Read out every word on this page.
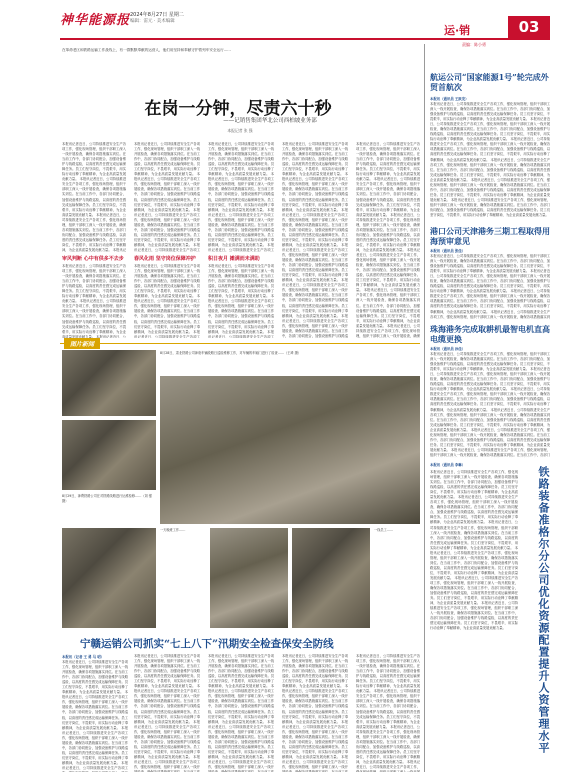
神华能源报 2024年8月27日 星期二
编辑：雷元 · 美术编辑
运·销	03
责编：陈小勇
在革命老区和铁路运输工作战线上，有一群默默奉献的运营人，他们用坚持和奉献守护着列车安全运行……
在岗一分钟，尽责六十秒
——记销售集团华北公司西柏坡业务部
本报记者 张 强
本报讯记者近日，公司持续推进安全生产各项工作，强化现场管理，组织干部职工深入一线开展检查，确保各项措施落实到位。在当前工作中，各部门协同配合，加强设备维护与线路巡检，以高度的责任感完成运输保障任务。员工们坚守岗位，不畏艰辛，用实际行动诠释了奉献精神，为企业高质量发展贡献力量。 本报讯记者近日，公司持续推进安全生产各项工作，强化现场管理，组织干部职工深入一线开展检查，确保各项措施落实到位。在当前工作中，各部门协同配合，加强设备维护与线路巡检，以高度的责任感完成运输保障任务。员工们坚守岗位，不畏艰辛，用实际行动诠释了奉献精神，为企业高质量发展贡献力量。 本报讯记者近日，公司持续推进安全生产各项工作，强化现场管理，组织干部职工深入一线开展检查，确保各项措施落实到位。在当前工作中，各部门协同配合，加强设备维护与线路巡检，以高度的责任感完成运输保障任务。员工们坚守岗位，不畏艰辛，用实际行动诠释了奉献精神，为企业高质量发展贡献力量。 本报讯记
审风判断 心中有供多不去步
本报讯记者近日，公司持续推进安全生产各项工作，强化现场管理，组织干部职工深入一线开展检查，确保各项措施落实到位。在当前工作中，各部门协同配合，加强设备维护与线路巡检，以高度的责任感完成运输保障任务。员工们坚守岗位，不畏艰辛，用实际行动诠释了奉献精神，为企业高质量发展贡献力量。 本报讯记者近日，公司持续推进安全生产各项工作，强化现场管理，组织干部职工深入一线开展检查，确保各项措施落实到位。在当前工作中，各部门协同配合，加强设备维护与线路巡检，以高度的责任感完成运输保障任务。员工们坚守岗位，不畏艰辛，用实际行动诠释了奉献精神，为企业高质量发展贡献力量。 本报讯记者近日，公
本报讯记者近日，公司持续推进安全生产各项工作，强化现场管理，组织干部职工深入一线开展检查，确保各项措施落实到位。在当前工作中，各部门协同配合，加强设备维护与线路巡检，以高度的责任感完成运输保障任务。员工们坚守岗位，不畏艰辛，用实际行动诠释了奉献精神，为企业高质量发展贡献力量。 本报讯记者近日，公司持续推进安全生产各项工作，强化现场管理，组织干部职工深入一线开展检查，确保各项措施落实到位。在当前工作中，各部门协同配合，加强设备维护与线路巡检，以高度的责任感完成运输保障任务。员工们坚守岗位，不畏艰辛，用实际行动诠释了奉献精神，为企业高质量发展贡献力量。 本报讯记者近日，公司持续推进安全生产各项工作，强化现场管理，组织干部职工深入一线开展检查，确保各项措施落实到位。在当前工作中，各部门协同配合，加强设备维护与线路巡检，以高度的责任感完成运输保障任务。员工们坚守岗位，不畏艰辛，用实际行动诠释了奉献精神，为企业高质量发展贡献力量。 本报讯记者近日，公司持续推进安全生产各项工
春风化雨 坚守岗位保障冲护
本报讯记者近日，公司持续推进安全生产各项工作，强化现场管理，组织干部职工深入一线开展检查，确保各项措施落实到位。在当前工作中，各部门协同配合，加强设备维护与线路巡检，以高度的责任感完成运输保障任务。员工们坚守岗位，不畏艰辛，用实际行动诠释了奉献精神，为企业高质量发展贡献力量。 本报讯记者近日，公司持续推进安全生产各项工作，强化现场管理，组织干部职工深入一线开展检查，确保各项措施落实到位。在当前工作中，各部门协同配合，加强设备维护与线路巡检，以高度的责任感完成运输保障任务。员工们坚守岗位，不畏艰辛，用实际行动诠释了奉献精神，为企业高质量发展贡献力量。 本报讯记者近日，公司持续推进安全生产各项工
本报讯记者近日，公司持续推进安全生产各项工作，强化现场管理，组织干部职工深入一线开展检查，确保各项措施落实到位。在当前工作中，各部门协同配合，加强设备维护与线路巡检，以高度的责任感完成运输保障任务。员工们坚守岗位，不畏艰辛，用实际行动诠释了奉献精神，为企业高质量发展贡献力量。 本报讯记者近日，公司持续推进安全生产各项工作，强化现场管理，组织干部职工深入一线开展检查，确保各项措施落实到位。在当前工作中，各部门协同配合，加强设备维护与线路巡检，以高度的责任感完成运输保障任务。员工们坚守岗位，不畏艰辛，用实际行动诠释了奉献精神，为企业高质量发展贡献力量。 本报讯记者近日，公司持续推进安全生产各项工作，强化现场管理，组织干部职工深入一线开展检查，确保各项措施落实到位。在当前工作中，各部门协同配合，加强设备维护与线路巡检，以高度的责任感完成运输保障任务。员工们坚守岗位，不畏艰辛，用实际行动诠释了奉献精神，为企业高质量发展贡献力量。 本报讯记者近日，公司持续推进安全生产各项工
积日夜月 摊满而未满助
本报讯记者近日，公司持续推进安全生产各项工作，强化现场管理，组织干部职工深入一线开展检查，确保各项措施落实到位。在当前工作中，各部门协同配合，加强设备维护与线路巡检，以高度的责任感完成运输保障任务。员工们坚守岗位，不畏艰辛，用实际行动诠释了奉献精神，为企业高质量发展贡献力量。 本报讯记者近日，公司持续推进安全生产各项工作，强化现场管理，组织干部职工深入一线开展检查，确保各项措施落实到位。在当前工作中，各部门协同配合，加强设备维护与线路巡检，以高度的责任感完成运输保障任务。员工们坚守岗位，不畏艰辛，用实际行动诠释了奉献精神，为企业高质量发展贡献力量。 本报讯记者近日，公司持续推进安全生产各项工
本报讯记者近日，公司持续推进安全生产各项工作，强化现场管理，组织干部职工深入一线开展检查，确保各项措施落实到位。在当前工作中，各部门协同配合，加强设备维护与线路巡检，以高度的责任感完成运输保障任务。员工们坚守岗位，不畏艰辛，用实际行动诠释了奉献精神，为企业高质量发展贡献力量。 本报讯记者近日，公司持续推进安全生产各项工作，强化现场管理，组织干部职工深入一线开展检查，确保各项措施落实到位。在当前工作中，各部门协同配合，加强设备维护与线路巡检，以高度的责任感完成运输保障任务。员工们坚守岗位，不畏艰辛，用实际行动诠释了奉献精神，为企业高质量发展贡献力量。 本报讯记者近日，公司持续推进安全生产各项工作，强化现场管理，组织干部职工深入一线开展检查，确保各项措施落实到位。在当前工作中，各部门协同配合，加强设备维护与线路巡检，以高度的责任感完成运输保障任务。员工们坚守岗位，不畏艰辛，用实际行动诠释了奉献精神，为企业高质量发展贡献力量。 本报讯记者近日，公司持续推进安全生产各项工作，强化现场管理，组织干部职工深入一线开展检查，确保各项措施落实到位。在当前工作中，各部门协同配合，加强设备维护与线路巡检，以高度的责任感完成运输保障任务。员工们坚守岗位，不畏艰辛，用实际行动诠释了奉献精神，为企业高质量发展贡献力量。 本报讯记者近日，公司持续推进安全生产各项工作，强化现场管理，组织干部职工深入一线开展检查，确保各项措施落实到位。在当前工作中，各部门协同配合，加强设备维护与线路巡检，以高度的责任感完成运输保障任务。员工们坚守岗位，不畏艰辛，用实际行动诠释了奉献精神，为企业高质量发展贡献力量。 本报讯记者近日，公司持续推进安全生产各项工作，强化现场管理，组织干部职工深入一线开展检查，确保各项措施落实到位。在当前工作中，各部门协同配合，加强设备维护与线路巡
本报讯记者近日，公司持续推进安全生产各项工作，强化现场管理，组织干部职工深入一线开展检查，确保各项措施落实到位。在当前工作中，各部门协同配合，加强设备维护与线路巡检，以高度的责任感完成运输保障任务。员工们坚守岗位，不畏艰辛，用实际行动诠释了奉献精神，为企业高质量发展贡献力量。 本报讯记者近日，公司持续推进安全生产各项工作，强化现场管理，组织干部职工深入一线开展检查，确保各项措施落实到位。在当前工作中，各部门协同配合，加强设备维护与线路巡检，以高度的责任感完成运输保障任务。员工们坚守岗位，不畏艰辛，用实际行动诠释了奉献精神，为企业高质量发展贡献力量。 本报讯记者近日，公司持续推进安全生产各项工作，强化现场管理，组织干部职工深入一线开展检查，确保各项措施落实到位。在当前工作中，各部门协同配合，加强设备维护与线路巡检，以高度的责任感完成运输保障任务。员工们坚守岗位，不畏艰辛，用实际行动诠释了奉献精神，为企业高质量发展贡献力量。 本报讯记者近日，公司持续推进安全生产各项工作，强化现场管理，组织干部职工深入一线开展检查，确保各项措施落实到位。在当前工作中，各部门协同配合，加强设备维护与线路巡检，以高度的责任感完成运输保障任务。员工们坚守岗位，不畏艰辛，用实际行动诠释了奉献精神，为企业高质量发展贡献力量。 本报讯记者近日，公司持续推进安全生产各项工作，强化现场管理，组织干部职工深入一线开展检查，确保各项措施落实到位。在当前工作中，各部门协同配合，加强设备维护与线路巡检，以高度的责任感完成运输保障任务。员工们坚守岗位，不畏艰辛，用实际行动诠释了奉献精神，为企业高质量发展贡献力量。 本报讯记者近日，公司持续推进安全生产各项工作，强化现场管理，组织干部职工深入一线开展检查，确保
图片新闻
8月28日，肃北铁路公司神府车辆段路日巡检维修工作，对车辆的车厢门进行了检查……（王琦 摄）
8月29日，神朔铁路公司在对铁路线路进行运维检修……（刘 强 摄）
一天晚班工作……	一线员工……
宁赣运销公司抓实“七上八下”汛期安全检查保安全防线
本报讯（记者 王 勇 马 明）
本报讯记者近日，公司持续推进安全生产各项工作，强化现场管理，组织干部职工深入一线开展检查，确保各项措施落实到位。在当前工作中，各部门协同配合，加强设备维护与线路巡检，以高度的责任感完成运输保障任务。员工们坚守岗位，不畏艰辛，用实际行动诠释了奉献精神，为企业高质量发展贡献力量。 本报讯记者近日，公司持续推进安全生产各项工作，强化现场管理，组织干部职工深入一线开展检查，确保各项措施落实到位。在当前工作中，各部门协同配合，加强设备维护与线路巡检，以高度的责任感完成运输保障任务。员工们坚守岗位，不畏艰辛，用实际行动诠释了奉献精神，为企业高质量发展贡献力量。 本报讯记者近日，公司持续推进安全生产各项工作，强化现场管理，组织干部职工深入一线开展检查，确保各项措施落实到位。在当前工作中，各部门协同配合，加强设备维护与线路巡检，以高度的责任感完成运输保障任务。员工们坚守岗位，不畏艰辛，用实际行动诠释了奉献精神，为企业高质量发展贡献力量。 本报讯记者近日，公司持续推进安全生产各项工
本报讯记者近日，公司持续推进安全生产各项工作，强化现场管理，组织干部职工深入一线开展检查，确保各项措施落实到位。在当前工作中，各部门协同配合，加强设备维护与线路巡检，以高度的责任感完成运输保障任务。员工们坚守岗位，不畏艰辛，用实际行动诠释了奉献精神，为企业高质量发展贡献力量。 本报讯记者近日，公司持续推进安全生产各项工作，强化现场管理，组织干部职工深入一线开展检查，确保各项措施落实到位。在当前工作中，各部门协同配合，加强设备维护与线路巡检，以高度的责任感完成运输保障任务。员工们坚守岗位，不畏艰辛，用实际行动诠释了奉献精神，为企业高质量发展贡献力量。 本报讯记者近日，公司持续推进安全生产各项工作，强化现场管理，组织干部职工深入一线开展检查，确保各项措施落实到位。在当前工作中，各部门协同配合，加强设备维护与线路巡检，以高度的责任感完成运输保障任务。员工们坚守岗位，不畏艰辛，用实际行动诠释了奉献精神，为企业高质量发展贡献力量。 本报讯记者近日，公司持续推进安全生产各项工作，强化现场管理，组织干部职工深入一线开
本报讯记者近日，公司持续推进安全生产各项工作，强化现场管理，组织干部职工深入一线开展检查，确保各项措施落实到位。在当前工作中，各部门协同配合，加强设备维护与线路巡检，以高度的责任感完成运输保障任务。员工们坚守岗位，不畏艰辛，用实际行动诠释了奉献精神，为企业高质量发展贡献力量。 本报讯记者近日，公司持续推进安全生产各项工作，强化现场管理，组织干部职工深入一线开展检查，确保各项措施落实到位。在当前工作中，各部门协同配合，加强设备维护与线路巡检，以高度的责任感完成运输保障任务。员工们坚守岗位，不畏艰辛，用实际行动诠释了奉献精神，为企业高质量发展贡献力量。 本报讯记者近日，公司持续推进安全生产各项工作，强化现场管理，组织干部职工深入一线开展检查，确保各项措施落实到位。在当前工作中，各部门协同配合，加强设备维护与线路巡检，以高度的责任感完成运输保障任务。员工们坚守岗位，不畏艰辛，用实际行动诠释了奉献精神，为企业高质量发展贡献力量。 本报讯记者近日，公司持续推进安全生产各项工作，强化现场管理，组织干部职工深入一线开
本报讯记者近日，公司持续推进安全生产各项工作，强化现场管理，组织干部职工深入一线开展检查，确保各项措施落实到位。在当前工作中，各部门协同配合，加强设备维护与线路巡检，以高度的责任感完成运输保障任务。员工们坚守岗位，不畏艰辛，用实际行动诠释了奉献精神，为企业高质量发展贡献力量。 本报讯记者近日，公司持续推进安全生产各项工作，强化现场管理，组织干部职工深入一线开展检查，确保各项措施落实到位。在当前工作中，各部门协同配合，加强设备维护与线路巡检，以高度的责任感完成运输保障任务。员工们坚守岗位，不畏艰辛，用实际行动诠释了奉献精神，为企业高质量发展贡献力量。 本报讯记者近日，公司持续推进安全生产各项工作，强化现场管理，组织干部职工深入一线开展检查，确保各项措施落实到位。在当前工作中，各部门协同配合，加强设备维护与线路巡检，以高度的责任感完成运输保障任务。员工们坚守岗位，不畏艰辛，用实际行动诠释了奉献精神，为企业高质量发展贡献力量。 本报讯记者近日，公司持续推进安全生产各项工作，强化现场管理，组织干部职工深入一线开
本报讯记者近日，公司持续推进安全生产各项工作，强化现场管理，组织干部职工深入一线开展检查，确保各项措施落实到位。在当前工作中，各部门协同配合，加强设备维护与线路巡检，以高度的责任感完成运输保障任务。员工们坚守岗位，不畏艰辛，用实际行动诠释了奉献精神，为企业高质量发展贡献力量。 本报讯记者近日，公司持续推进安全生产各项工作，强化现场管理，组织干部职工深入一线开展检查，确保各项措施落实到位。在当前工作中，各部门协同配合，加强设备维护与线路巡检，以高度的责任感完成运输保障任务。员工们坚守岗位，不畏艰辛，用实际行动诠释了奉献精神，为企业高质量发展贡献力量。 本报讯记者近日，公司持续推进安全生产各项工作，强化现场管理，组织干部职工深入一线开展检查，确保各项措施落实到位。在当前工作中，各部门协同配合，加强设备维护与线路巡检，以高度的责任感完成运输保障任务。员工们坚守岗位，不畏艰辛，用实际行动诠释了奉献精神，为企业高质量发展贡献力量。 本报讯记者近日，公司持续推进安全生产各项工作，
航运公司“国家能源1号”轮完成外贸首航次
本报讯（通讯员 王跃发）
本报讯记者近日，公司持续推进安全生产各项工作，强化现场管理，组织干部职工深入一线开展检查，确保各项措施落实到位。在当前工作中，各部门协同配合，加强设备维护与线路巡检，以高度的责任感完成运输保障任务。员工们坚守岗位，不畏艰辛，用实际行动诠释了奉献精神，为企业高质量发展贡献力量。 本报讯记者近日，公司持续推进安全生产各项工作，强化现场管理，组织干部职工深入一线开展检查，确保各项措施落实到位。在当前工作中，各部门协同配合，加强设备维护与线路巡检，以高度的责任感完成运输保障任务。员工们坚守岗位，不畏艰辛，用实际行动诠释了奉献精神，为企业高质量发展贡献力量。 本报讯记者近日，公司持续推进安全生产各项工作，强化现场管理，组织干部职工深入一线开展检查，确保各项措施落实到位。在当前工作中，各部门协同配合，加强设备维护与线路巡检，以高度的责任感完成运输保障任务。员工们坚守岗位，不畏艰辛，用实际行动诠释了奉献精神，为企业高质量发展贡献力量。 本报讯记者近日，公司持续推进安全生产各项工作，强化现场管理，组织干部职工深入一线开展检查，确保各项措施落实到位。在当前工作中，各部门协同配合，加强设备维护与线路巡检，以高度的责任感完成运输保障任务。员工们坚守岗位，不畏艰辛，用实际行动诠释了奉献精神，为企业高质量发展贡献力量。 本报讯记者近日，公司持续推进安全生产各项工作，强化现场管理，组织干部职工深入一线开展检查，确保各项措施落实到位。在当前工作中，各部门协同配合，加强设备维护与线路巡检，以高度的责任感完成运输保障任务。员工们坚守岗位，不畏艰辛，用实际行动诠释了奉献精神，为企业高质量发展贡献力量。 本报讯记者近日，公司持续推进安全生产各项工作，强化现场管理，组织干部职工深入一线开展检查，确保各项措施落实到位。在当前工作中，各部门协同配合，加强设备维护与线路巡检，以高度的责任感完成运输保障任务。员工们坚守岗位，不畏艰辛，用实际行动诠释了奉献精神，为企业高质量发展贡献力量。
港口公司天津港务三期工程取得用海预审意见
本报讯（通讯员 张佳）
本报讯记者近日，公司持续推进安全生产各项工作，强化现场管理，组织干部职工深入一线开展检查，确保各项措施落实到位。在当前工作中，各部门协同配合，加强设备维护与线路巡检，以高度的责任感完成运输保障任务。员工们坚守岗位，不畏艰辛，用实际行动诠释了奉献精神，为企业高质量发展贡献力量。 本报讯记者近日，公司持续推进安全生产各项工作，强化现场管理，组织干部职工深入一线开展检查，确保各项措施落实到位。在当前工作中，各部门协同配合，加强设备维护与线路巡检，以高度的责任感完成运输保障任务。员工们坚守岗位，不畏艰辛，用实际行动诠释了奉献精神，为企业高质量发展贡献力量。 本报讯记者近日，公司持续推进安全生产各项工作，强化现场管理，组织干部职工深入一线开展检查，确保各项措施落实到位。在当前工作中，各部门协同配合，加强设备维护与线路巡检，以高度的责任感完成运输保障任务。员工们坚守岗位，不畏艰辛，用实际行动诠释了奉献精神，为企业高质量发展贡献力量。 本报讯记者近日，公司持续推进安全生产各项工作，强化现场管理，组织干部职工深入一线开展检查，确保各项措施落实到
珠海港务完成取耕机最智电机直高电缆更换
本报讯（通讯员 孙佳）
本报讯记者近日，公司持续推进安全生产各项工作，强化现场管理，组织干部职工深入一线开展检查，确保各项措施落实到位。在当前工作中，各部门协同配合，加强设备维护与线路巡检，以高度的责任感完成运输保障任务。员工们坚守岗位，不畏艰辛，用实际行动诠释了奉献精神，为企业高质量发展贡献力量。 本报讯记者近日，公司持续推进安全生产各项工作，强化现场管理，组织干部职工深入一线开展检查，确保各项措施落实到位。在当前工作中，各部门协同配合，加强设备维护与线路巡检，以高度的责任感完成运输保障任务。员工们坚守岗位，不畏艰辛，用实际行动诠释了奉献精神，为企业高质量发展贡献力量。 本报讯记者近日，公司持续推进安全生产各项工作，强化现场管理，组织干部职工深入一线开展检查，确保各项措施落实到位。在当前工作中，各部门协同配合，加强设备维护与线路巡检，以高度的责任感完成运输保障任务。员工们坚守岗位，不畏艰辛，用实际行动诠释了奉献精神，为企业高质量发展贡献力量。 本报讯记者近日，公司持续推进安全生产各项工作，强化现场管理，组织干部职工深入一线开展检查，确保各项措施落实到位。在当前工作中，各部门协同配合，加强设备维护与线路巡检，以高度的责任感完成运输保障任务。员工们坚守岗位，不畏艰辛，用实际行动诠释了奉献精神，为企业高质量发展贡献力量。 本报讯记者近日，公司持续推进安全生产各项工作，强化现场管理，组织干部职工深入一线开展检查，确保各项措施落实到位。在当前工作中，各部门协同配合，加强设备维护与线路巡检，以高度的责任感完成运输保障任务。员工们坚守岗位，不畏艰辛，用实际行动诠释了奉献精神，为企业高质量发展贡献力量。 本报讯记者近日，公司持续推进安全生产各项工作，强化现场管理，组织干部职工深入一线开展检查，确保各项措施落实到位。在当前工作中，各部门
本报讯（通讯员 李琳）
本报讯记者近日，公司持续推进安全生产各项工作，强化现场管理，组织干部职工深入一线开展检查，确保各项措施落实到位。在当前工作中，各部门协同配合，加强设备维护与线路巡检，以高度的责任感完成运输保障任务。员工们坚守岗位，不畏艰辛，用实际行动诠释了奉献精神，为企业高质量发展贡献力量。 本报讯记者近日，公司持续推进安全生产各项工作，强化现场管理，组织干部职工深入一线开展检查，确保各项措施落实到位。在当前工作中，各部门协同配合，加强设备维护与线路巡检，以高度的责任感完成运输保障任务。员工们坚守岗位，不畏艰辛，用实际行动诠释了奉献精神，为企业高质量发展贡献力量。 本报讯记者近日，公司持续推进安全生产各项工作，强化现场管理，组织干部职工深入一线开展检查，确保各项措施落实到位。在当前工作中，各部门协同配合，加强设备维护与线路巡检，以高度的责任感完成运输保障任务。员工们坚守岗位，不畏艰辛，用实际行动诠释了奉献精神，为企业高质量发展贡献力量。 本报讯记者近日，公司持续推进安全生产各项工作，强化现场管理，组织干部职工深入一线开展检查，确保各项措施落实到位。在当前工作中，各部门协同配合，加强设备维护与线路巡检，以高度的责任感完成运输保障任务。员工们坚守岗位，不畏艰辛，用实际行动诠释了奉献精神，为企业高质量发展贡献力量。 本报讯记者近日，公司持续推进安全生产各项工作，强化现场管理，组织干部职工深入一线开展检查，确保各项措施落实到位。在当前工作中，各部门协同配合，加强设备维护与线路巡检，以高度的责任感完成运输保障任务。员工们坚守岗位，不畏艰辛，用实际行动诠释了奉献精神，为企业高质量发展贡献力量。 本报讯记者近日，公司持续推进安全生产各项工作，强化现场管理，组织干部职工深入一线开展检查，确保各项措施落实到位。在当前工作中，各部门协同配合，加强设备维护与线路巡检，以高度的责任感完成运输保障任务。员工们坚守岗位，不畏艰辛，用实际行动诠释了奉献精神，为企业高质量发展贡献力量。	铁路装备准格尔分公司优化资源配置提升人资管理水平
